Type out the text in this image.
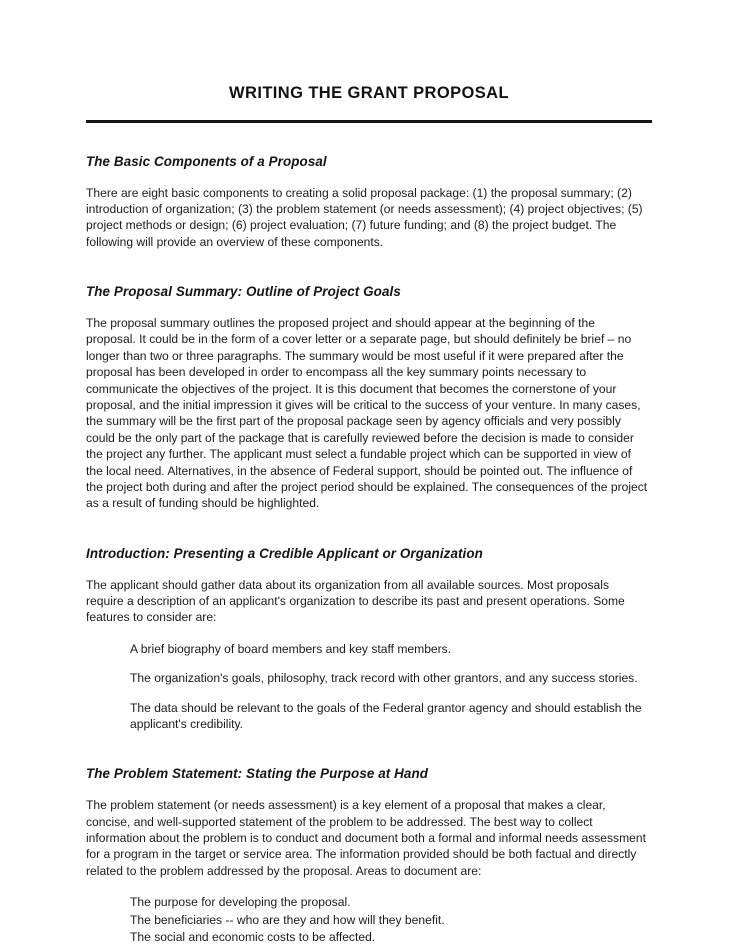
WRITING THE GRANT PROPOSAL
The Basic Components of a Proposal

There are eight basic components to creating a solid proposal package: (1) the proposal summary; (2) introduction of organization; (3) the problem statement (or needs assessment); (4) project objectives; (5) project methods or design; (6) project evaluation; (7) future funding; and (8) the project budget. The following will provide an overview of these components.

The Proposal Summary: Outline of Project Goals

The proposal summary outlines the proposed project and should appear at the beginning of the proposal. It could be in the form of a cover letter or a separate page, but should definitely be brief – no longer than two or three paragraphs. The summary would be most useful if it were prepared after the proposal has been developed in order to encompass all the key summary points necessary to communicate the objectives of the project. It is this document that becomes the cornerstone of your proposal, and the initial impression it gives will be critical to the success of your venture. In many cases, the summary will be the first part of the proposal package seen by agency officials and very possibly could be the only part of the package that is carefully reviewed before the decision is made to consider the project any further. The applicant must select a fundable project which can be supported in view of the local need. Alternatives, in the absence of Federal support, should be pointed out. The influence of the project both during and after the project period should be explained. The consequences of the project as a result of funding should be highlighted.

Introduction: Presenting a Credible Applicant or Organization

The applicant should gather data about its organization from all available sources. Most proposals require a description of an applicant's organization to describe its past and present operations. Some features to consider are:

A brief biography of board members and key staff members.
The organization's goals, philosophy, track record with other grantors, and any success stories.
The data should be relevant to the goals of the Federal grantor agency and should establish the applicant's credibility.
The Problem Statement: Stating the Purpose at Hand

The problem statement (or needs assessment) is a key element of a proposal that makes a clear, concise, and well-supported statement of the problem to be addressed. The best way to collect information about the problem is to conduct and document both a formal and informal needs assessment for a program in the target or service area. The information provided should be both factual and directly related to the problem addressed by the proposal. Areas to document are:

The purpose for developing the proposal.
The beneficiaries -- who are they and how will they benefit.
The social and economic costs to be affected.
